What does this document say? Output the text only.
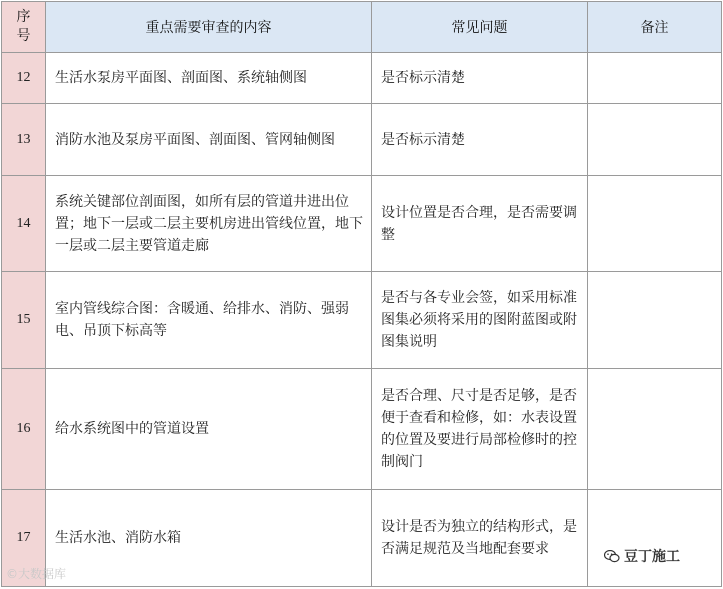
序号	重点需要审查的内容	常见问题	备注
12	生活水泵房平面图、剖面图、系统轴侧图	是否标示清楚	
13	消防水池及泵房平面图、剖面图、管网轴侧图	是否标示清楚	
14	系统关键部位剖面图，如所有层的管道井进出位置；地下一层或二层主要机房进出管线位置，地下一层或二层主要管道走廊	设计位置是否合理，是否需要调整	
15	室内管线综合图：含暖通、给排水、消防、强弱电、吊顶下标高等	是否与各专业会签，如采用标准图集必须将采用的图附蓝图或附图集说明	
16	给水系统图中的管道设置	是否合理、尺寸是否足够，是否便于查看和检修，如：水表设置的位置及要进行局部检修时的控制阀门	
17	生活水池、消防水箱	设计是否为独立的结构形式，是否满足规范及当地配套要求	
©大数据库
豆丁施工
